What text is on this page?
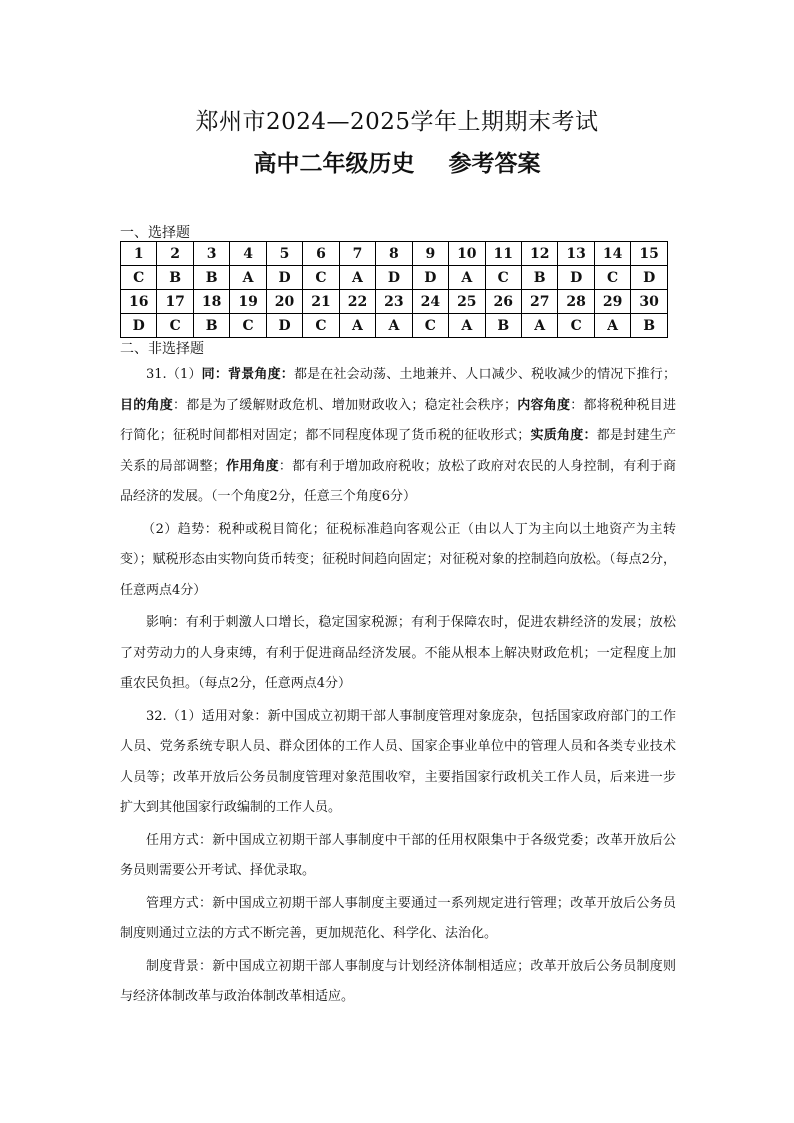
郑州市2024—2025学年上期期末考试
高中二年级历史 参考答案
一、选择题
1	2	3	4	5	6	7	8	9	10	11	12	13	14	15
C	B	B	A	D	C	A	D	D	A	C	B	D	C	D
16	17	18	19	20	21	22	23	24	25	26	27	28	29	30
D	C	B	C	D	C	A	A	C	A	B	A	C	A	B
二、非选择题

31.（1）同：背景角度：都是在社会动荡、土地兼并、人口减少、税收减少的情况下推行；目的角度：都是为了缓解财政危机、增加财政收入；稳定社会秩序；内容角度：都将税种税目进行简化；征税时间都相对固定；都不同程度体现了货币税的征收形式；实质角度：都是封建生产关系的局部调整；作用角度：都有利于增加政府税收；放松了政府对农民的人身控制，有利于商品经济的发展。（一个角度2分，任意三个角度6分）

（2）趋势：税种或税目简化；征税标准趋向客观公正（由以人丁为主向以土地资产为主转变）；赋税形态由实物向货币转变；征税时间趋向固定；对征税对象的控制趋向放松。（每点2分，任意两点4分）

影响：有利于刺激人口增长，稳定国家税源；有利于保障农时，促进农耕经济的发展；放松了对劳动力的人身束缚，有利于促进商品经济发展。不能从根本上解决财政危机；一定程度上加重农民负担。（每点2分，任意两点4分）

32.（1）适用对象：新中国成立初期干部人事制度管理对象庞杂，包括国家政府部门的工作人员、党务系统专职人员、群众团体的工作人员、国家企事业单位中的管理人员和各类专业技术人员等；改革开放后公务员制度管理对象范围收窄，主要指国家行政机关工作人员，后来进一步扩大到其他国家行政编制的工作人员。

任用方式：新中国成立初期干部人事制度中干部的任用权限集中于各级党委；改革开放后公务员则需要公开考试、择优录取。

管理方式：新中国成立初期干部人事制度主要通过一系列规定进行管理；改革开放后公务员制度则通过立法的方式不断完善，更加规范化、科学化、法治化。

制度背景：新中国成立初期干部人事制度与计划经济体制相适应；改革开放后公务员制度则与经济体制改革与政治体制改革相适应。
